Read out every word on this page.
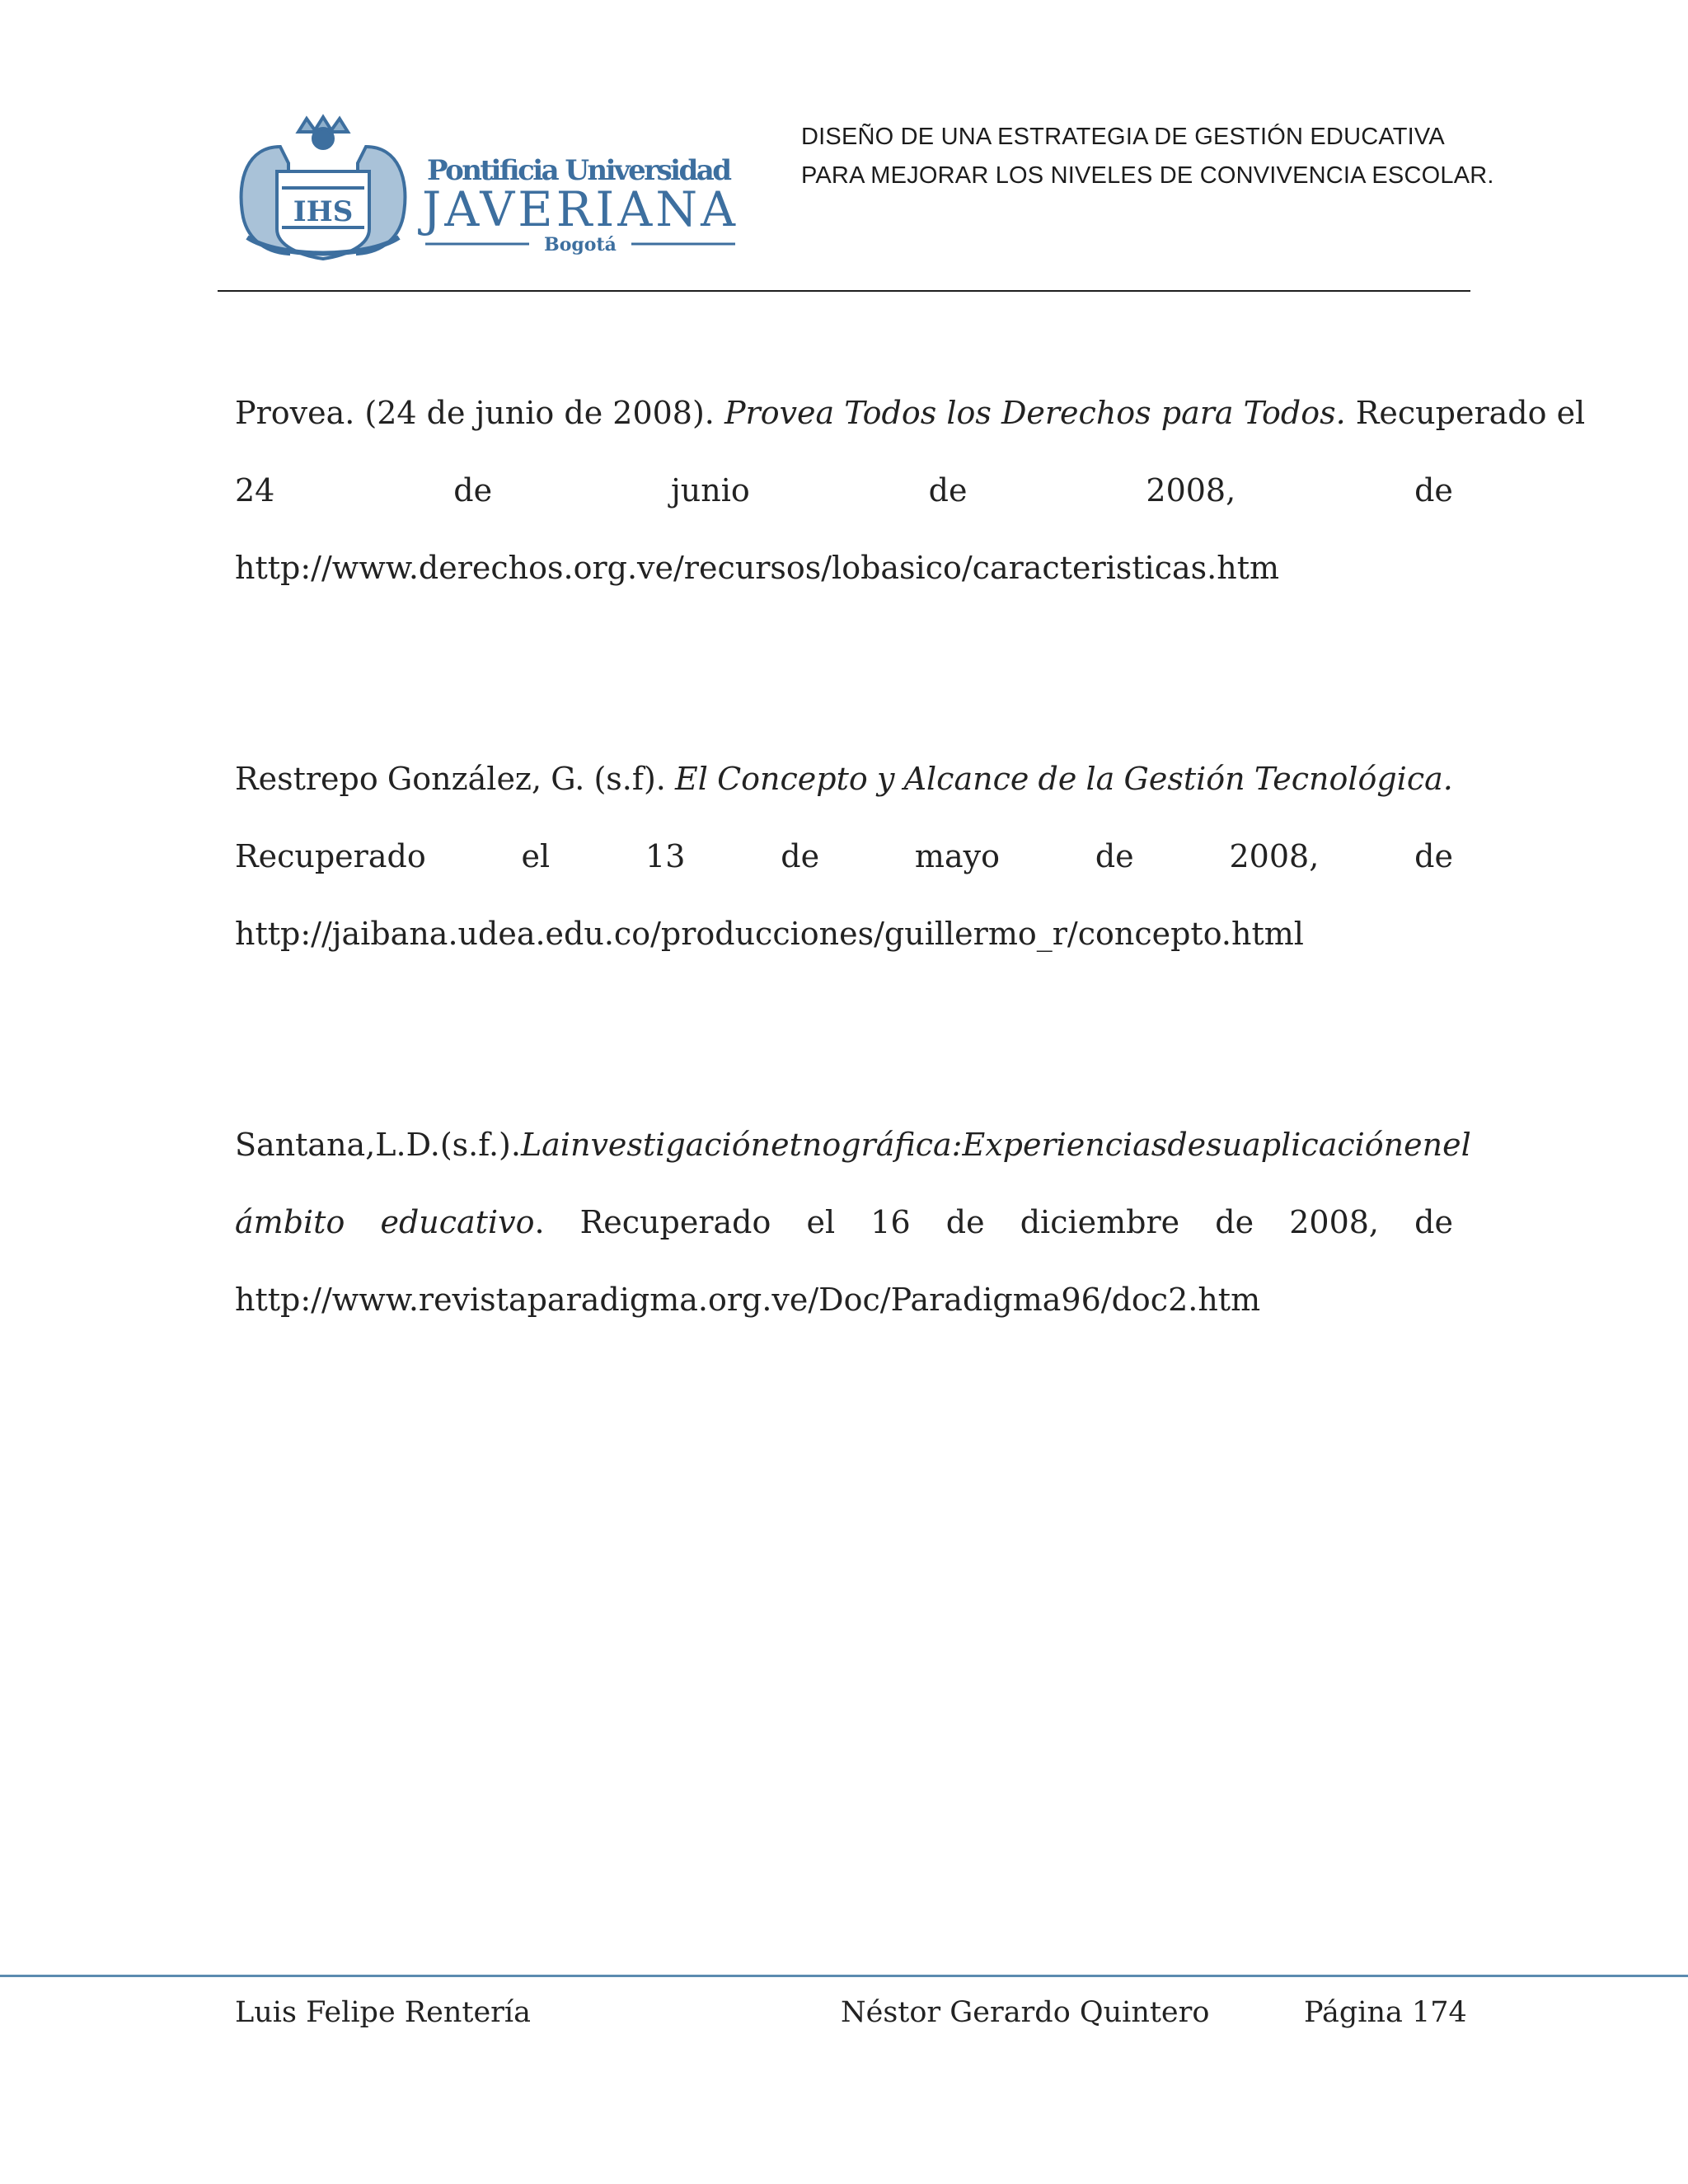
IHS
Pontificia Universidad
JAVERIANA
Bogotá
DISEÑO DE UNA ESTRATEGIA DE GESTIÓN EDUCATIVA
PARA MEJORAR LOS NIVELES DE CONVIVENCIA ESCOLAR.
Provea. (24 de junio de 2008). Provea Todos los Derechos para Todos. Recuperado el
24	de	junio	de	2008,	de
http://www.derechos.org.ve/recursos/lobasico/caracteristicas.htm
Restrepo González, G. (s.f). El Concepto y Alcance de la Gestión Tecnológica.
Recuperado	el	13	de	mayo	de	2008,	de
http://jaibana.udea.edu.co/producciones/guillermo_r/concepto.html
Santana, L. D. (s.f.). La investigación etnográfica: Experiencias de su aplicación en el
ámbito educativo. Recuperado el 16 de diciembre de 2008, de
http://www.revistaparadigma.org.ve/Doc/Paradigma96/doc2.htm
Luis Felipe Rentería	Néstor Gerardo Quintero	Página 174
